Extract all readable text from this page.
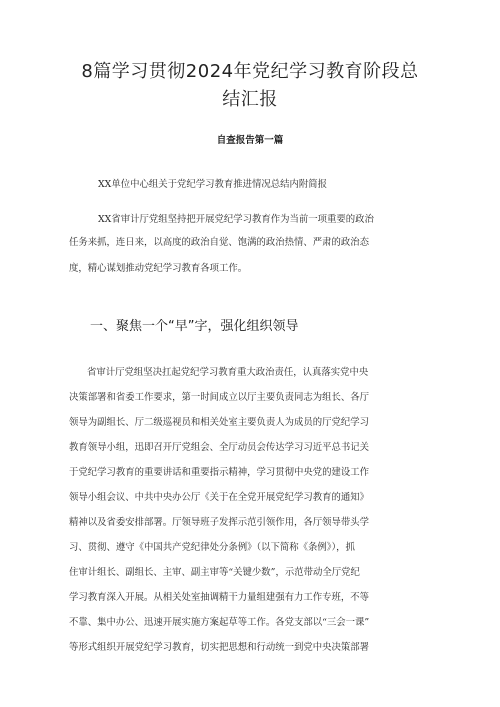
8篇学习贯彻2024年党纪学习教育阶段总
结汇报
自查报告第一篇
XX单位中心组关于党纪学习教育推进情况总结内附简报
XX省审计厅党组坚持把开展党纪学习教育作为当前一项重要的政治
任务来抓，连日来，以高度的政治自觉、饱满的政治热情、严肃的政治态
度，精心谋划推动党纪学习教育各项工作。
一、聚焦一个“早”字，强化组织领导
省审计厅党组坚决扛起党纪学习教育重大政治责任，认真落实党中央
决策部署和省委工作要求，第一时间成立以厅主要负责同志为组长、各厅
领导为副组长、厅二级巡视员和相关处室主要负责人为成员的厅党纪学习
教育领导小组，迅即召开厅党组会、全厅动员会传达学习习近平总书记关
于党纪学习教育的重要讲话和重要指示精神，学习贯彻中央党的建设工作
领导小组会议、中共中央办公厅《关于在全党开展党纪学习教育的通知》
精神以及省委安排部署。厅领导班子发挥示范引领作用，各厅领导带头学
习、贯彻、遵守《中国共产党纪律处分条例》（以下简称《条例》），抓
住审计组长、副组长、主审、副主审等“关键少数”，示范带动全厅党纪
学习教育深入开展。从相关处室抽调精干力量组建强有力工作专班，不等
不靠、集中办公、迅速开展实施方案起草等工作。各党支部以“三会一课”
等形式组织开展党纪学习教育，切实把思想和行动统一到党中央决策部署
